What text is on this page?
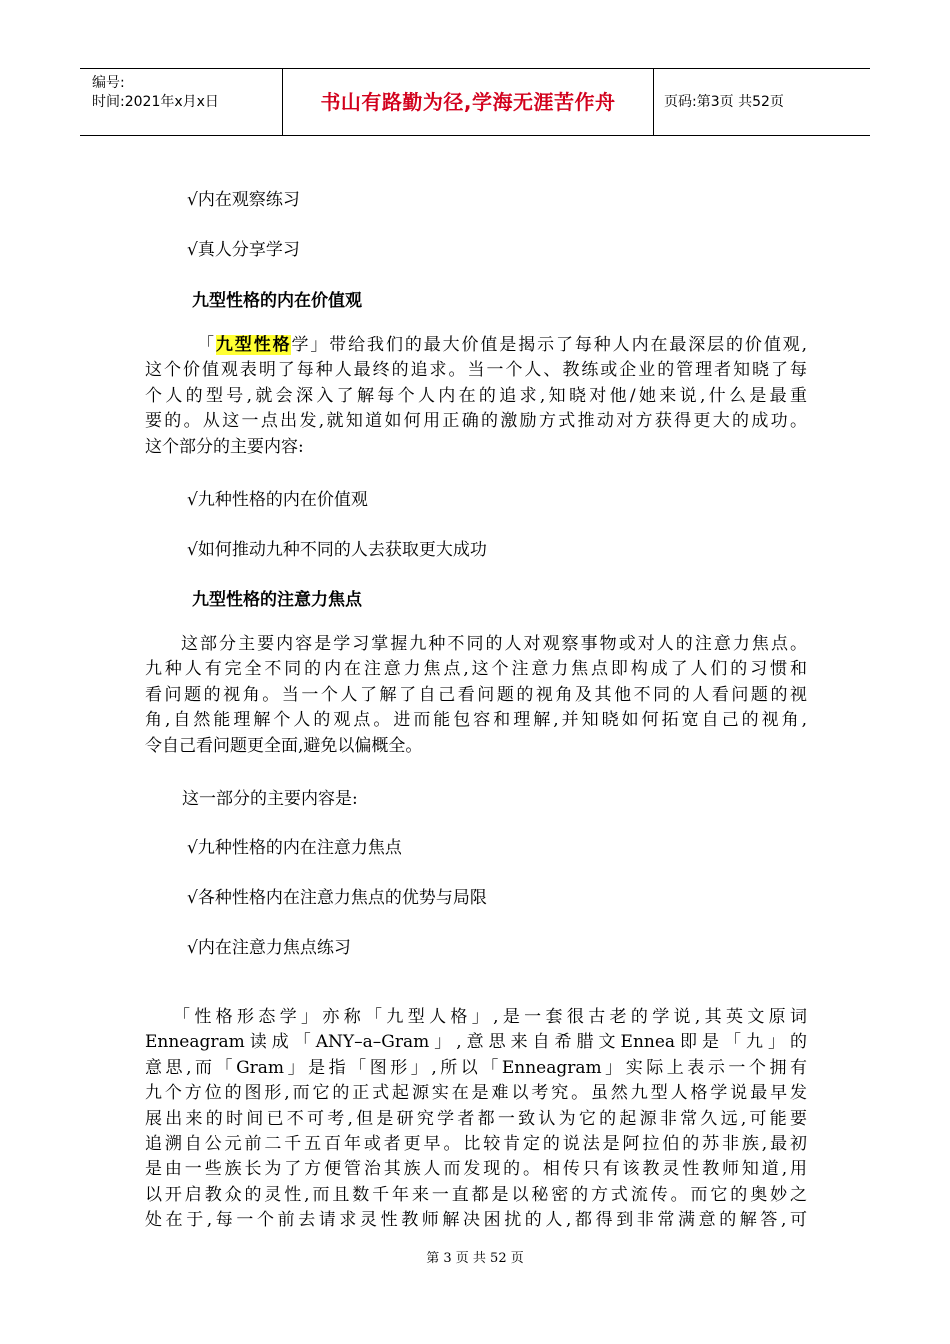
编号:
时间:2021年x月x日	书山有路勤为径,学海无涯苦作舟	页码:第3页 共52页
√内在观察练习
√真人分享学习
九型性格的内在价值观
「九型性格学」带给我们的最大价值是揭示了每种人内在最深层的价值观,
这个价值观表明了每种人最终的追求。当一个人、教练或企业的管理者知晓了每
个人的型号,就会深入了解每个人内在的追求,知晓对他/她来说,什么是最重
要的。从这一点出发,就知道如何用正确的激励方式推动对方获得更大的成功。
这个部分的主要内容:
√九种性格的内在价值观
√如何推动九种不同的人去获取更大成功
九型性格的注意力焦点
这部分主要内容是学习掌握九种不同的人对观察事物或对人的注意力焦点。
九种人有完全不同的内在注意力焦点,这个注意力焦点即构成了人们的习惯和
看问题的视角。当一个人了解了自己看问题的视角及其他不同的人看问题的视
角,自然能理解个人的观点。进而能包容和理解,并知晓如何拓宽自己的视角,
令自己看问题更全面,避免以偏概全。
这一部分的主要内容是:
√九种性格的内在注意力焦点
√各种性格内在注意力焦点的优势与局限
√内在注意力焦点练习
「性格形态学」亦称「九型人格」,是一套很古老的学说,其英文原词
Enneagram读成「ANY–a–Gram」,意思来自希腊文Ennea即是「九」的
意思,而「Gram」是指「图形」,所以「Enneagram」实际上表示一个拥有
九个方位的图形,而它的正式起源实在是难以考究。虽然九型人格学说最早发
展出来的时间已不可考,但是研究学者都一致认为它的起源非常久远,可能要
追溯自公元前二千五百年或者更早。比较肯定的说法是阿拉伯的苏非族,最初
是由一些族长为了方便管治其族人而发现的。相传只有该教灵性教师知道,用
以开启教众的灵性,而且数千年来一直都是以秘密的方式流传。而它的奥妙之
处在于,每一个前去请求灵性教师解决困扰的人,都得到非常满意的解答,可
第 3 页 共 52 页
